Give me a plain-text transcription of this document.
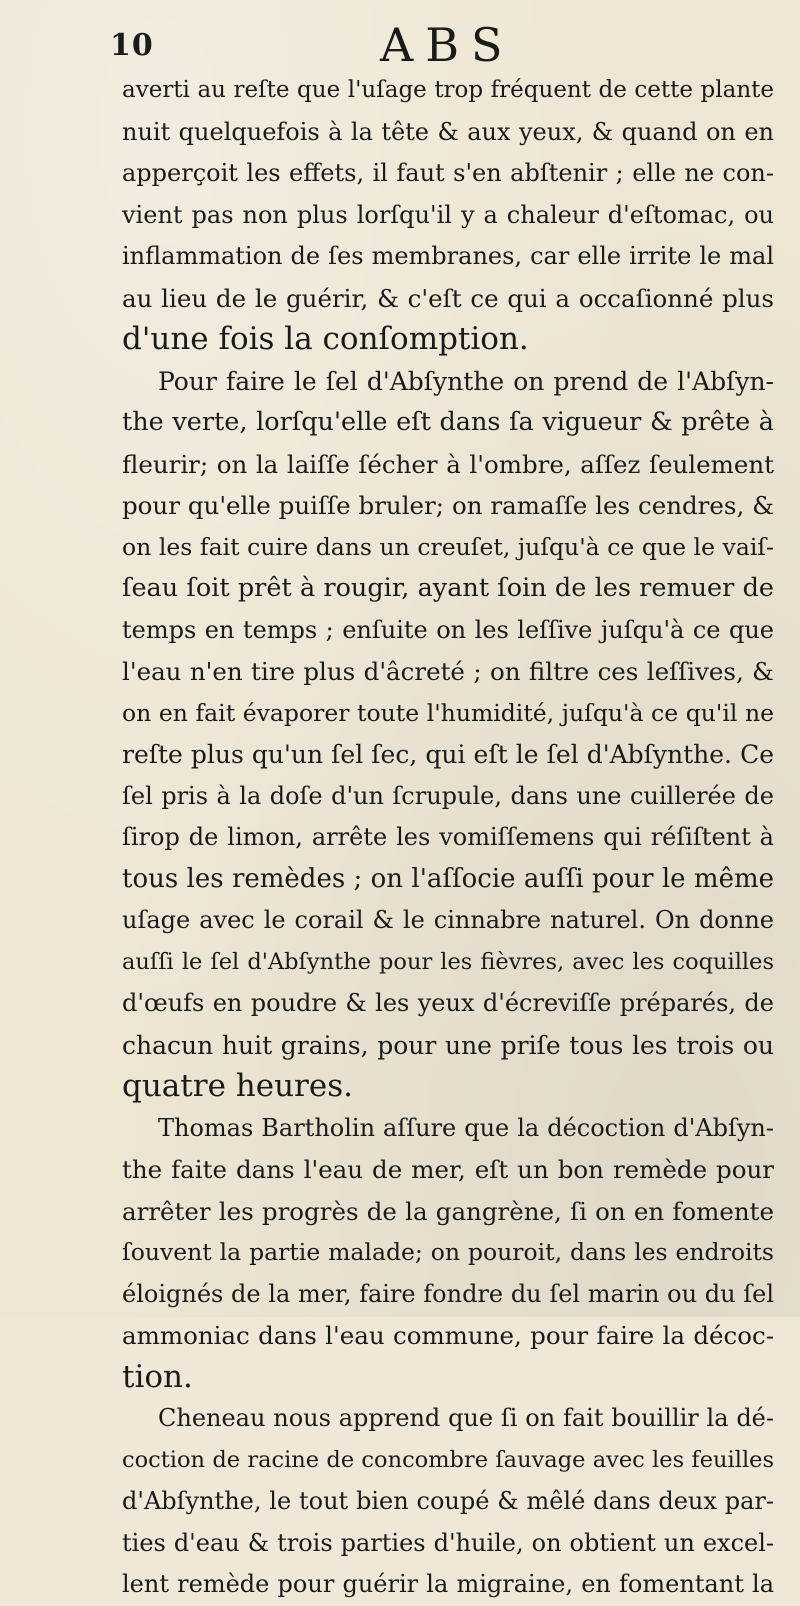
10	ABS
averti au reſte que l'uſage trop fréquent de cette plante
nuit quelquefois à la tête & aux yeux, & quand on en
apperçoit les effets, il faut s'en abſtenir ; elle ne con-
vient pas non plus lorſqu'il y a chaleur d'eſtomac, ou
inflammation de ſes membranes, car elle irrite le mal
au lieu de le guérir, & c'eſt ce qui a occaſionné plus
d'une fois la conſomption.
Pour faire le ſel d'Abſynthe on prend de l'Abſyn-
the verte, lorſqu'elle eſt dans ſa vigueur & prête à
fleurir; on la laiſſe ſécher à l'ombre, aſſez ſeulement
pour qu'elle puiſſe bruler; on ramaſſe les cendres, &
on les fait cuire dans un creuſet, juſqu'à ce que le vaiſ-
ſeau ſoit prêt à rougir, ayant ſoin de les remuer de
temps en temps ; enſuite on les leſſive juſqu'à ce que
l'eau n'en tire plus d'âcreté ; on filtre ces leſſives, &
on en fait évaporer toute l'humidité, juſqu'à ce qu'il ne
reſte plus qu'un ſel ſec, qui eſt le ſel d'Abſynthe. Ce
ſel pris à la doſe d'un ſcrupule, dans une cuillerée de
ſirop de limon, arrête les vomiſſemens qui réſiſtent à
tous les remèdes ; on l'aſſocie auſſi pour le même
uſage avec le corail & le cinnabre naturel. On donne
auſſi le ſel d'Abſynthe pour les fièvres, avec les coquilles
d'œufs en poudre & les yeux d'écreviſſe préparés, de
chacun huit grains, pour une priſe tous les trois ou
quatre heures.
Thomas Bartholin aſſure que la décoction d'Abſyn-
the faite dans l'eau de mer, eſt un bon remède pour
arrêter les progrès de la gangrène, ſi on en fomente
ſouvent la partie malade; on pouroit, dans les endroits
éloignés de la mer, faire fondre du ſel marin ou du ſel
ammoniac dans l'eau commune, pour faire la décoc-
tion.
Cheneau nous apprend que ſi on fait bouillir la dé-
coction de racine de concombre ſauvage avec les feuilles
d'Abſynthe, le tout bien coupé & mêlé dans deux par-
ties d'eau & trois parties d'huile, on obtient un excel-
lent remède pour guérir la migraine, en fomentant la
